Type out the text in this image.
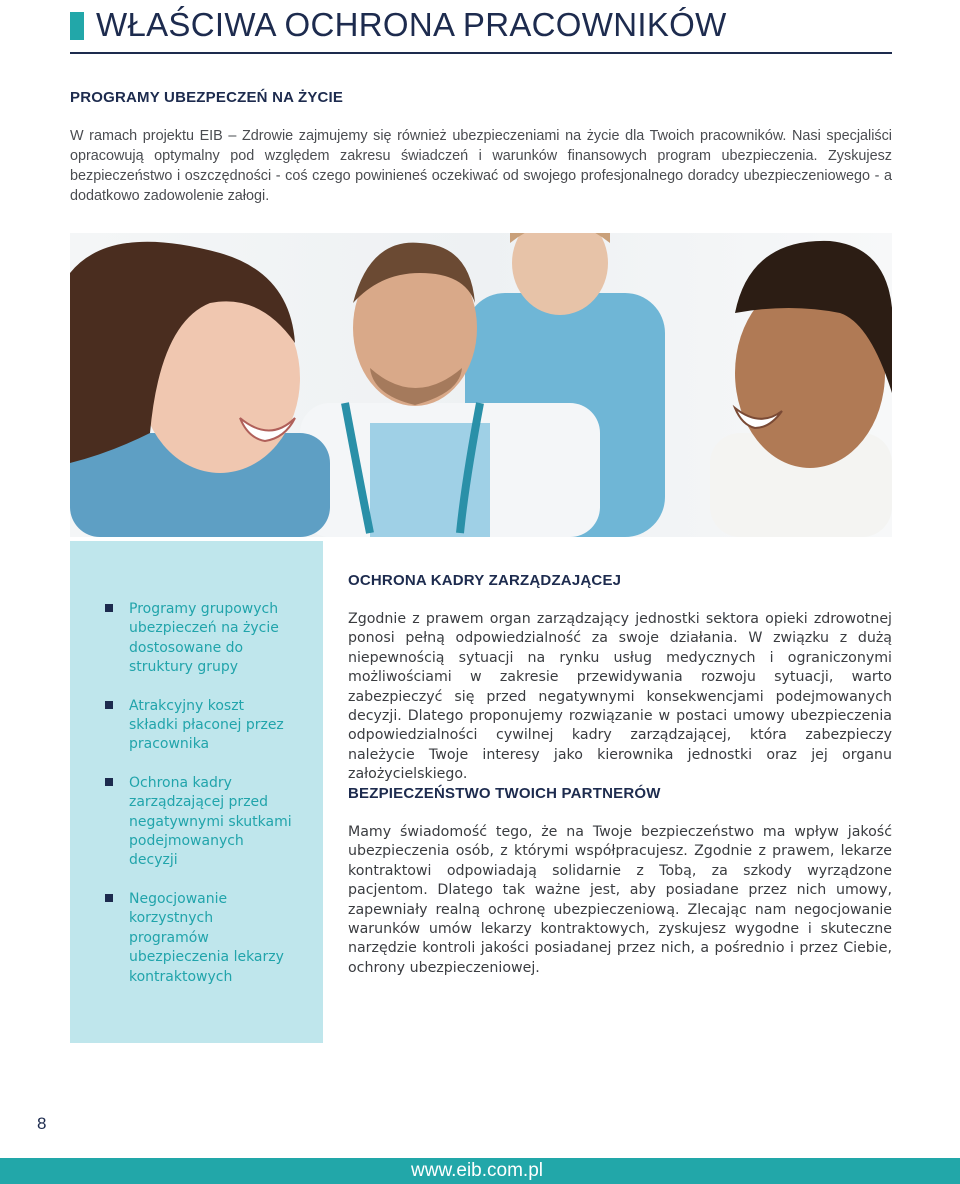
WŁAŚCIWA OCHRONA PRACOWNIKÓW
PROGRAMY UBEZPECZEŃ NA ŻYCIE

W ramach projektu EIB – Zdrowie zajmujemy się również ubezpieczeniami na życie dla Twoich pracowników. Nasi specjaliści opracowują optymalny pod względem zakresu świadczeń i warunków finansowych program ubezpieczenia. Zyskujesz bezpieczeństwo i oszczędności - coś czego powinieneś oczekiwać od swojego profesjonalnego doradcy ubezpieczeniowego - a dodatkowo zadowolenie załogi.

Programy grupowych ubezpieczeń na życie dostosowane do struktury grupy
Atrakcyjny koszt składki płaconej przez pracownika
Ochrona kadry zarządzającej przed negatywnymi skutkami podejmowanych decyzji
Negocjowanie korzystnych programów ubezpieczenia lekarzy kontraktowych
OCHRONA KADRY ZARZĄDZAJĄCEJ

Zgodnie z prawem organ zarządzający jednostki sektora opieki zdrowotnej ponosi pełną odpowiedzialność za swoje działania. W związku z dużą niepewnością sytuacji na rynku usług medycznych i ograniczonymi możliwościami w zakresie przewidywania rozwoju sytuacji, warto zabezpieczyć się przed negatywnymi konsekwencjami podejmowanych decyzji. Dlatego proponujemy rozwiązanie w postaci umowy ubezpieczenia odpowiedzialności cywilnej kadry zarządzającej, która zabezpieczy należycie Twoje interesy jako kierownika jednostki oraz jej organu założycielskiego.

BEZPIECZEŃSTWO TWOICH PARTNERÓW

Mamy świadomość tego, że na Twoje bezpieczeństwo ma wpływ jakość ubezpieczenia osób, z którymi współpracujesz. Zgodnie z prawem, lekarze kontraktowi odpowiadają solidarnie z Tobą, za szkody wyrządzone pacjentom. Dlatego tak ważne jest, aby posiadane przez nich umowy, zapewniały realną ochronę ubezpieczeniową. Zlecając nam negocjowanie warunków umów lekarzy kontraktowych, zyskujesz wygodne i skuteczne narzędzie kontroli jakości posiadanej przez nich, a pośrednio i przez Ciebie, ochrony ubezpieczeniowej.

8
www.eib.com.pl
